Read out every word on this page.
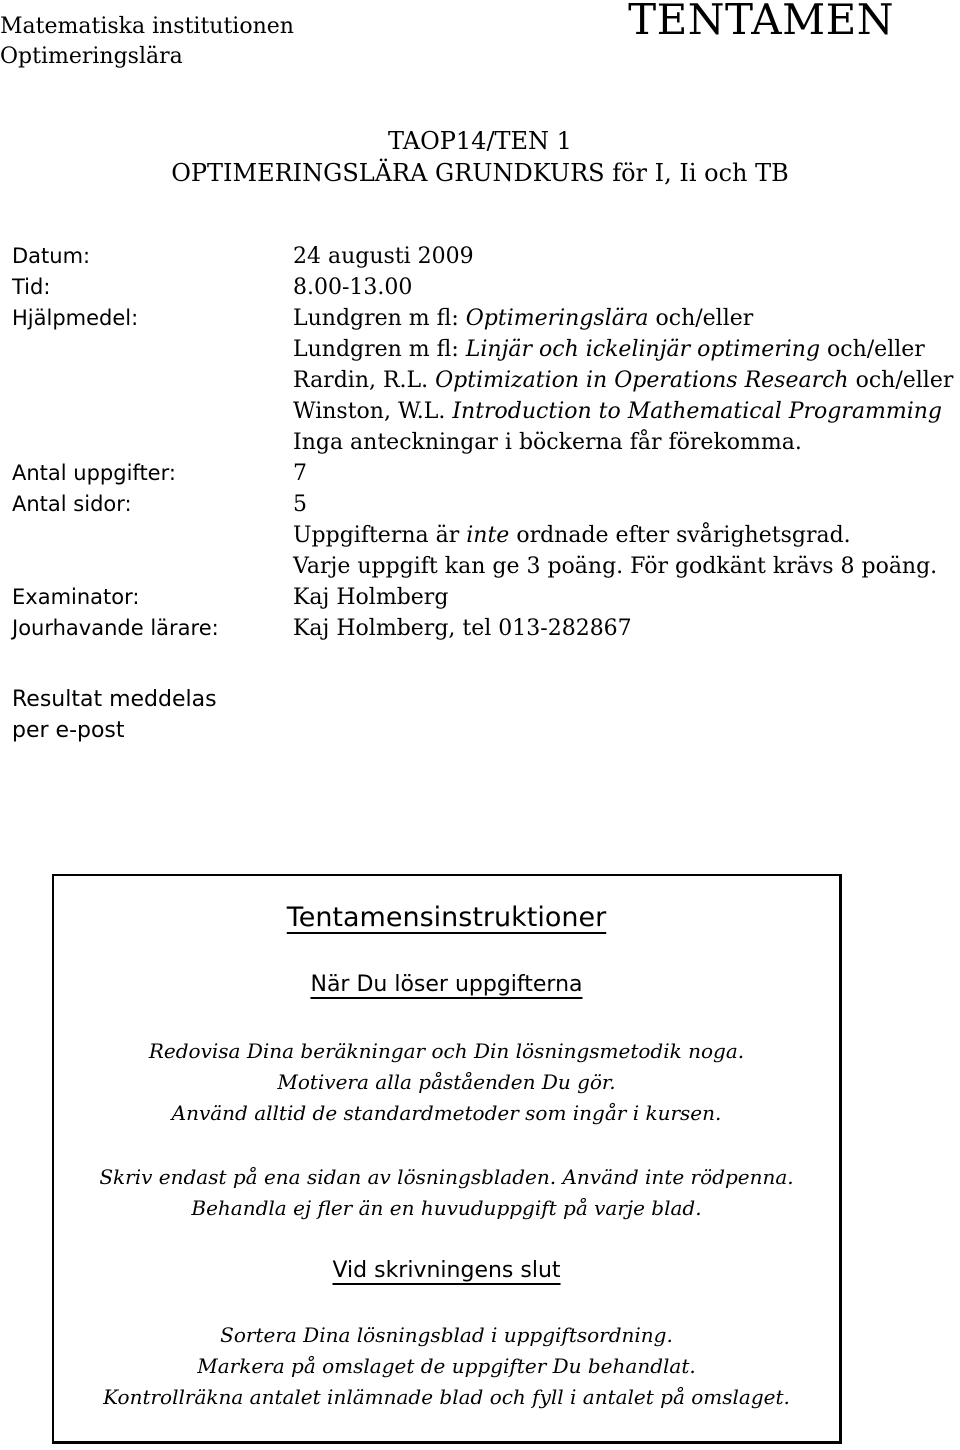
Matematiska institutionen
Optimeringslära
TENTAMEN
TAOP14/TEN 1
OPTIMERINGSLÄRA GRUNDKURS för I, Ii och TB
Datum:	24 augusti 2009
Tid:	8.00-13.00
Hjälpmedel:	Lundgren m fl: Optimeringslära och/eller
Lundgren m fl: Linjär och ickelinjär optimering och/eller
Rardin, R.L. Optimization in Operations Research och/eller
Winston, W.L. Introduction to Mathematical Programming
Inga anteckningar i böckerna får förekomma.
Antal uppgifter:	7
Antal sidor:	5
Uppgifterna är inte ordnade efter svårighetsgrad.
Varje uppgift kan ge 3 poäng. För godkänt krävs 8 poäng.
Examinator:	Kaj Holmberg
Jourhavande lärare:	Kaj Holmberg, tel 013-282867
Resultat meddelas
per e-post
Tentamensinstruktioner
När Du löser uppgifterna
Redovisa Dina beräkningar och Din lösningsmetodik noga.
Motivera alla påståenden Du gör.
Använd alltid de standardmetoder som ingår i kursen.
Skriv endast på ena sidan av lösningsbladen. Använd inte rödpenna.
Behandla ej fler än en huvuduppgift på varje blad.
Vid skrivningens slut
Sortera Dina lösningsblad i uppgiftsordning.
Markera på omslaget de uppgifter Du behandlat.
Kontrollräkna antalet inlämnade blad och fyll i antalet på omslaget.
